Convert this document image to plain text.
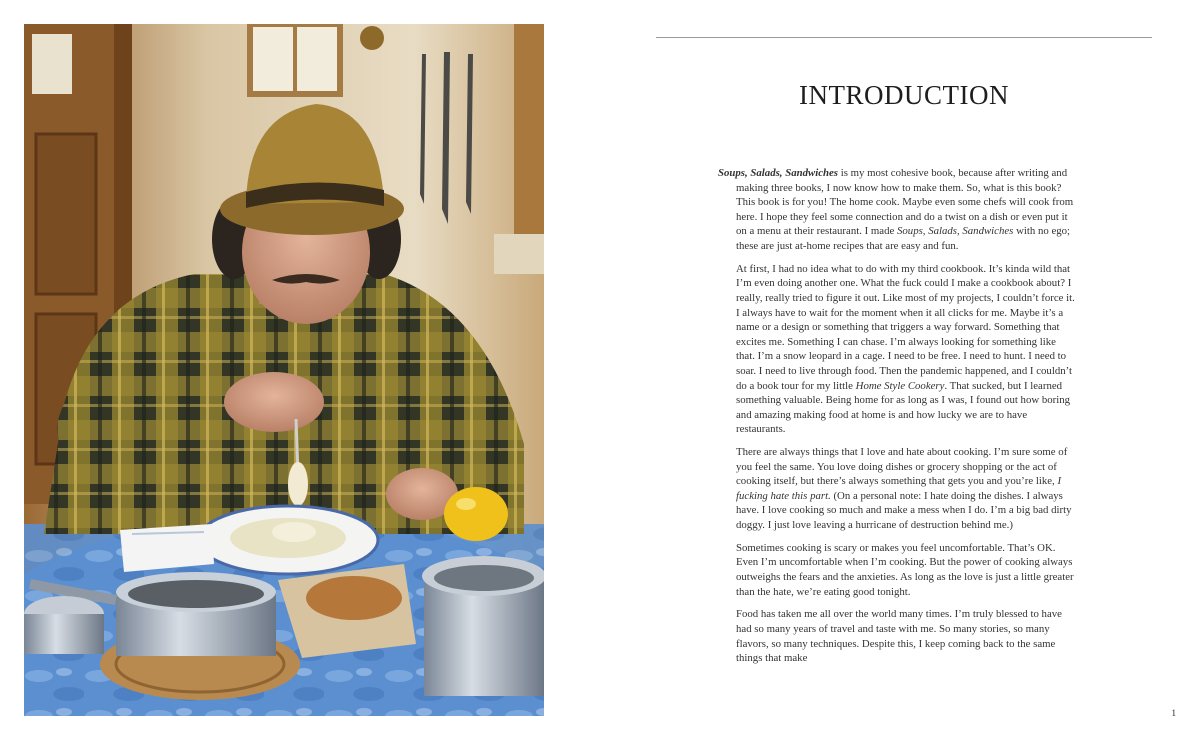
INTRODUCTION

Soups, Salads, Sandwiches is my most cohesive book, because after writing and making three books, I now know how to make them. So, what is this book? This book is for you! The home cook. Maybe even some chefs will cook from here. I hope they feel some connection and do a twist on a dish or even put it on a menu at their restaurant. I made Soups, Salads, Sandwiches with no ego; these are just at-home recipes that are easy and fun.

At first, I had no idea what to do with my third cookbook. It’s kinda wild that I’m even doing another one. What the fuck could I make a cookbook about? I really, really tried to figure it out. Like most of my projects, I couldn’t force it. I always have to wait for the moment when it all clicks for me. Maybe it’s a name or a design or something that triggers a way forward. Something that excites me. Something I can chase. I’m always looking for something like that. I’m a snow leopard in a cage. I need to be free. I need to hunt. I need to soar. I need to live through food. Then the pandemic happened, and I couldn’t do a book tour for my little Home Style Cookery. That sucked, but I learned something valuable. Being home for as long as I was, I found out how boring and amazing making food at home is and how lucky we are to have restaurants.

There are always things that I love and hate about cooking. I’m sure some of you feel the same. You love doing dishes or grocery shopping or the act of cooking itself, but there’s always something that gets you and you’re like, I fucking hate this part. (On a personal note: I hate doing the dishes. I always have. I love cooking so much and make a mess when I do. I’m a big bad dirty doggy. I just love leaving a hurricane of destruction behind me.)

Sometimes cooking is scary or makes you feel uncomfortable. That’s OK. Even I’m uncomfortable when I’m cooking. But the power of cooking always outweighs the fears and the anxieties. As long as the love is just a little greater than the hate, we’re eating good tonight.

Food has taken me all over the world many times. I’m truly blessed to have had so many years of travel and taste with me. So many stories, so many flavors, so many techniques. Despite this, I keep coming back to the same things that make

1
